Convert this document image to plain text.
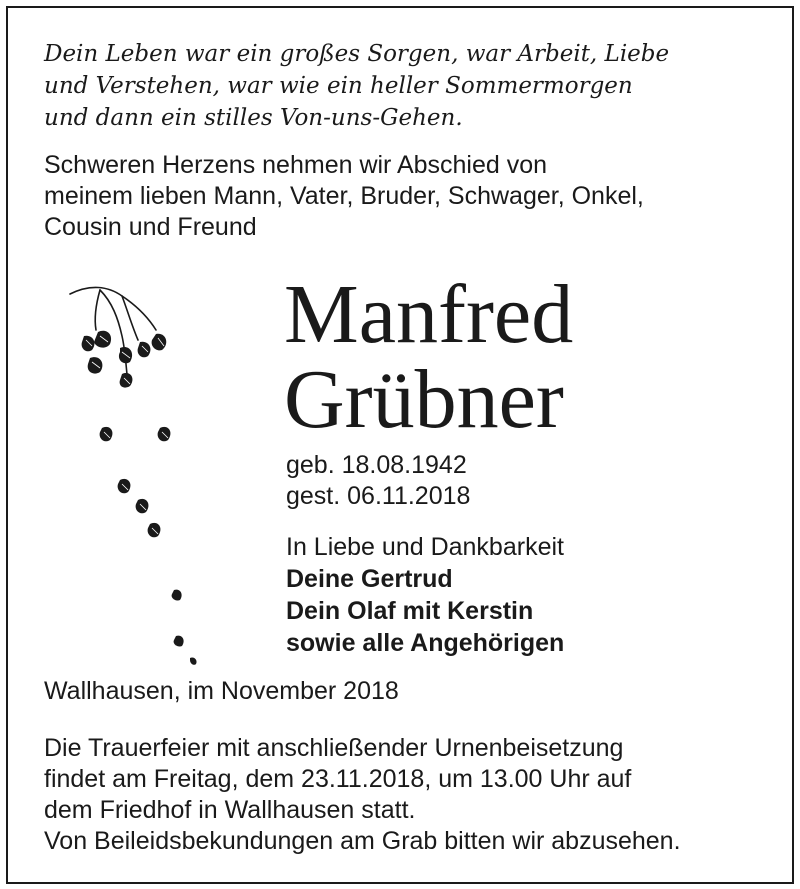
Dein Leben war ein großes Sorgen, war Arbeit, Liebe
und Verstehen, war wie ein heller Sommermorgen
und dann ein stilles Von-uns-Gehen.
Schweren Herzens nehmen wir Abschied von
meinem lieben Mann, Vater, Bruder, Schwager, Onkel,
Cousin und Freund
Manfred
Grübner
geb. 18.08.1942
gest. 06.11.2018
In Liebe und Dankbarkeit
Deine Gertrud
Dein Olaf mit Kerstin
sowie alle Angehörigen
Wallhausen, im November 2018
Die Trauerfeier mit anschließender Urnenbeisetzung
findet am Freitag, dem 23.11.2018, um 13.00 Uhr auf
dem Friedhof in Wallhausen statt.
Von Beileidsbekundungen am Grab bitten wir abzusehen.
